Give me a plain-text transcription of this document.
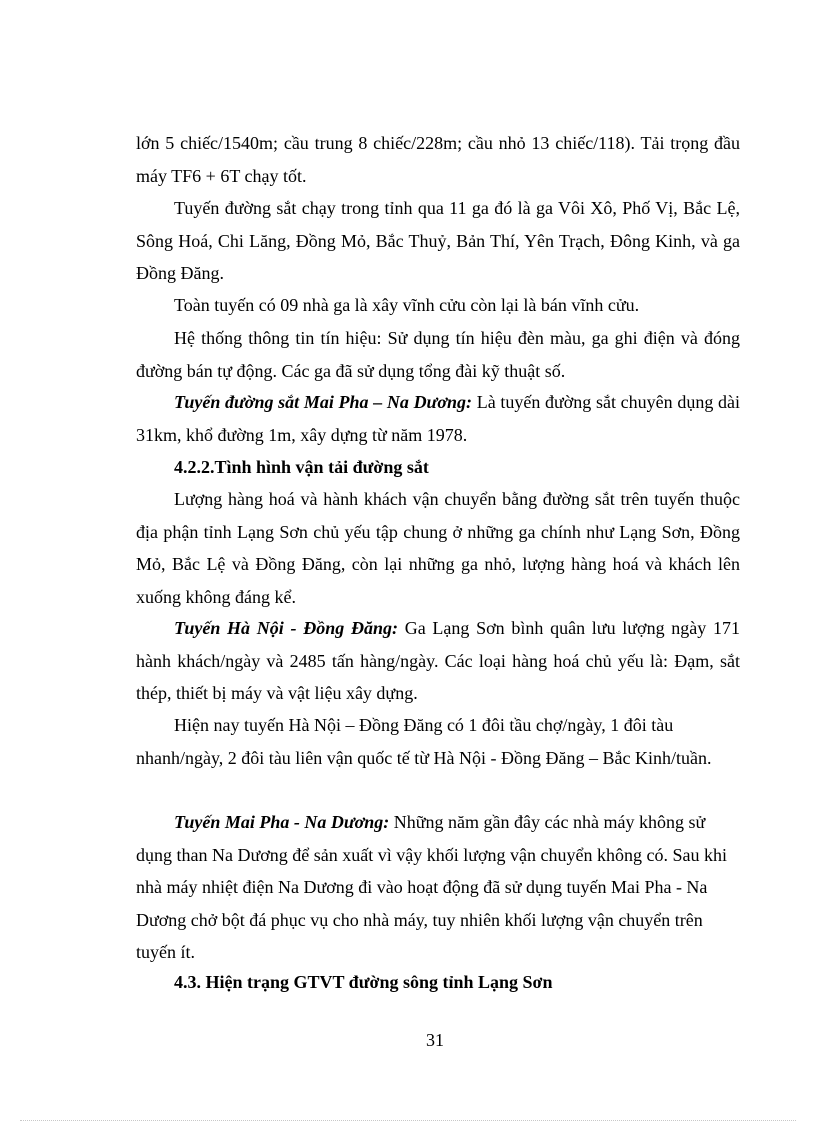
lớn 5 chiếc/1540m; cầu trung 8 chiếc/228m; cầu nhỏ 13 chiếc/118). Tải trọng đầu máy TF6 + 6T chạy tốt.

Tuyến đường sắt chạy trong tỉnh qua 11 ga đó là ga Vôi Xô, Phố Vị, Bắc Lệ, Sông Hoá, Chi Lăng, Đồng Mỏ, Bắc Thuỷ, Bản Thí, Yên Trạch, Đông Kinh, và ga Đồng Đăng.

Toàn tuyến có 09 nhà ga là xây vĩnh cửu còn lại là bán vĩnh cửu.

Hệ thống thông tin tín hiệu: Sử dụng tín hiệu đèn màu, ga ghi điện và đóng đường bán tự động. Các ga đã sử dụng tổng đài kỹ thuật số.

Tuyến đường sắt Mai Pha – Na Dương: Là tuyến đường sắt chuyên dụng dài 31km, khổ đường 1m, xây dựng từ năm 1978.

4.2.2.Tình hình vận tải đường sắt

Lượng hàng hoá và hành khách vận chuyển bằng đường sắt trên tuyến thuộc địa phận tỉnh Lạng Sơn chủ yếu tập chung ở những ga chính như Lạng Sơn, Đồng Mỏ, Bắc Lệ và Đồng Đăng, còn lại những ga nhỏ, lượng hàng hoá và khách lên xuống không đáng kể.

Tuyến Hà Nội - Đồng Đăng: Ga Lạng Sơn bình quân lưu lượng ngày 171 hành khách/ngày và 2485 tấn hàng/ngày. Các loại hàng hoá chủ yếu là: Đạm, sắt thép, thiết bị máy và vật liệu xây dựng.

Hiện nay tuyến Hà Nội – Đồng Đăng có 1 đôi tầu chợ/ngày, 1 đôi tàu nhanh/ngày, 2 đôi tàu liên vận quốc tế từ Hà Nội - Đồng Đăng – Bắc Kinh/tuần.

Tuyến Mai Pha - Na Dương: Những năm gần đây các nhà máy không sử dụng than Na Dương để sản xuất vì vậy khối lượng vận chuyển không có. Sau khi nhà máy nhiệt điện Na Dương đi vào hoạt động đã sử dụng tuyến Mai Pha - Na Dương chở bột đá phục vụ cho nhà máy, tuy nhiên khối lượng vận chuyển trên tuyến ít.

4.3. Hiện trạng GTVT đường sông tỉnh Lạng Sơn
31
